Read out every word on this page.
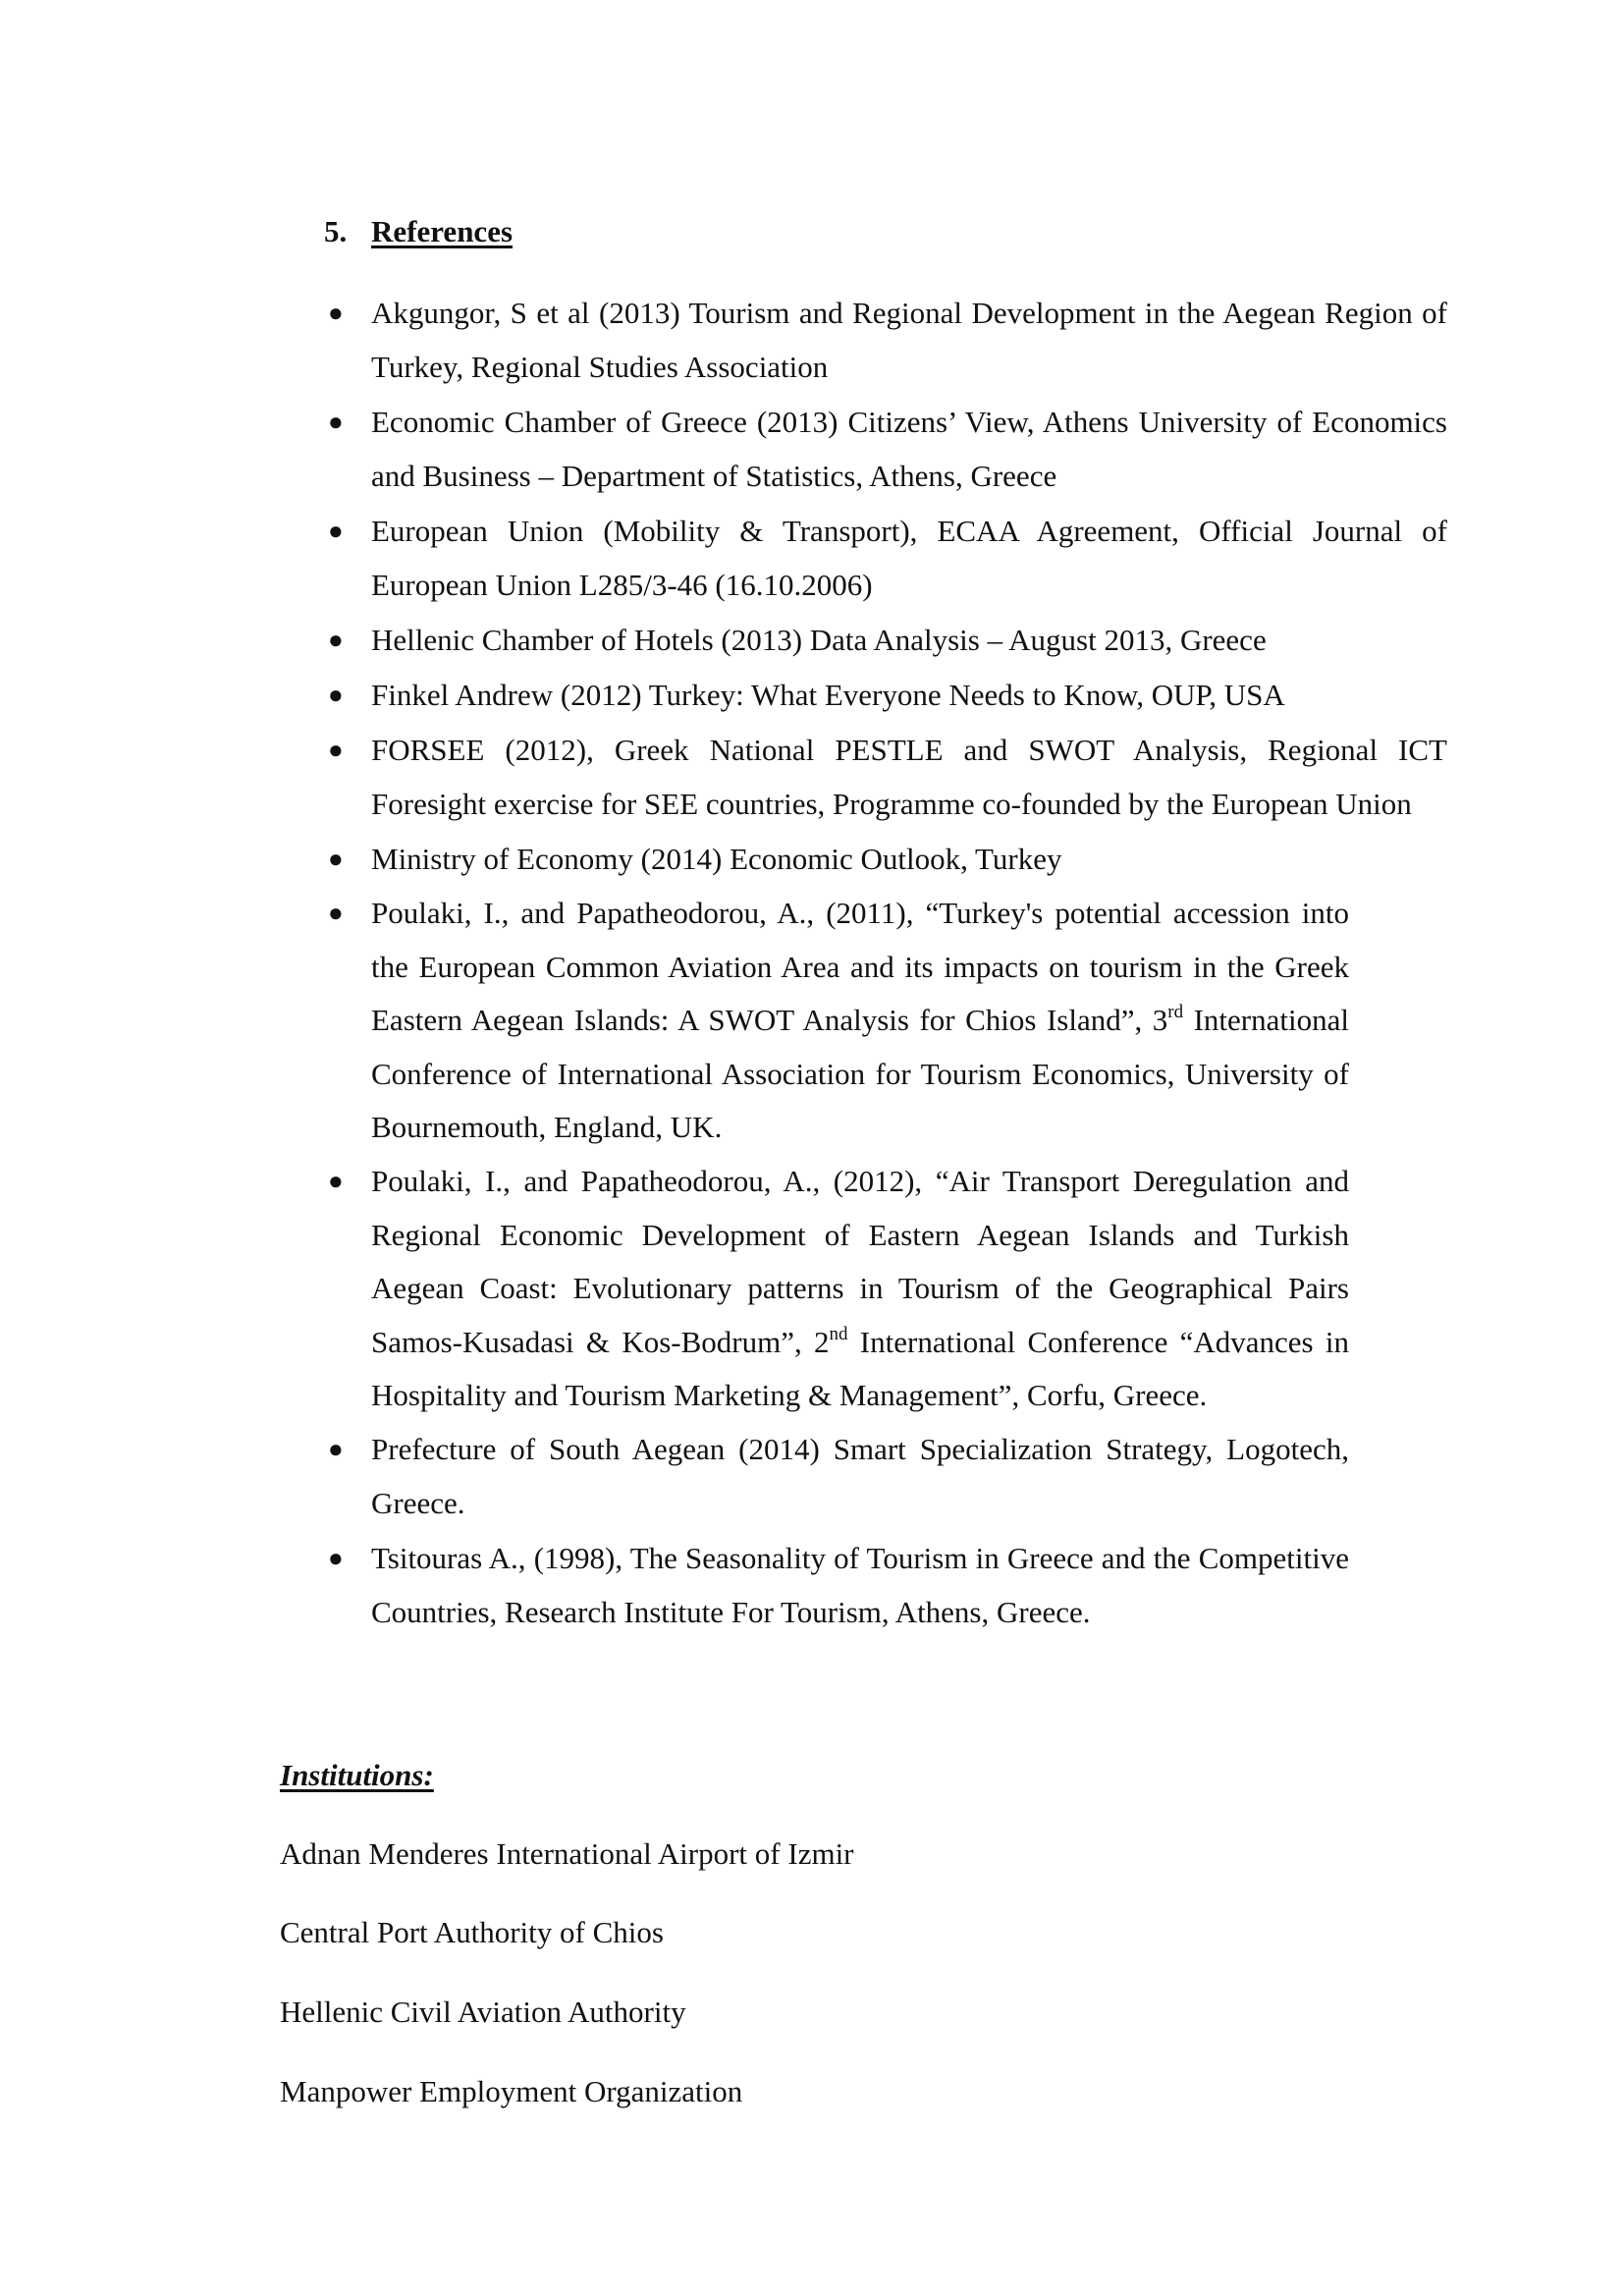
5. References
● Akgungor, S et al (2013) Tourism and Regional Development in the Aegean Region of Turkey, Regional Studies Association
● Economic Chamber of Greece (2013) Citizens’ View, Athens University of Economics and Business – Department of Statistics, Athens, Greece
● European Union (Mobility & Transport), ECAA Agreement, Official Journal of European Union L285/3-46 (16.10.2006)
● Hellenic Chamber of Hotels (2013) Data Analysis – August 2013, Greece
● Finkel Andrew (2012) Turkey: What Everyone Needs to Know, OUP, USA
● FORSEE (2012), Greek National PESTLE and SWOT Analysis, Regional ICT Foresight exercise for SEE countries, Programme co-founded by the European Union
● Ministry of Economy (2014) Economic Outlook, Turkey
● Poulaki, I., and Papatheodorou, A., (2011), “Turkey's potential accession into the European Common Aviation Area and its impacts on tourism in the Greek Eastern Aegean Islands: A SWOT Analysis for Chios Island”, 3rd International Conference of International Association for Tourism Economics, University of Bournemouth, England, UK.
● Poulaki, I., and Papatheodorou, A., (2012), “Air Transport Deregulation and Regional Economic Development of Eastern Aegean Islands and Turkish Aegean Coast: Evolutionary patterns in Tourism of the Geographical Pairs Samos-Kusadasi & Kos-Bodrum”, 2nd International Conference “Advances in Hospitality and Tourism Marketing & Management”, Corfu, Greece.
● Prefecture of South Aegean (2014) Smart Specialization Strategy, Logotech, Greece.
● Tsitouras A., (1998), The Seasonality of Tourism in Greece and the Competitive Countries, Research Institute For Tourism, Athens, Greece.
Institutions:
Adnan Menderes International Airport of Izmir
Central Port Authority of Chios
Hellenic Civil Aviation Authority
Manpower Employment Organization
